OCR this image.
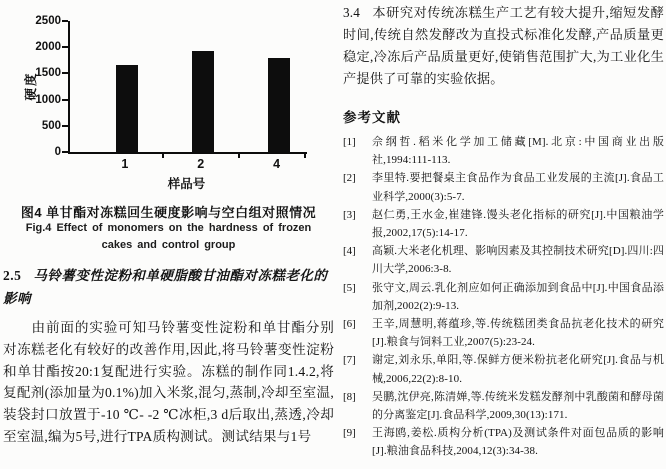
硬度
样品号
0
500
1000
1500
2000
2500
1	2	4
图4 单甘酯对冻糕回生硬度影响与空白组对照情况
Fig.4 Effect of monomers on the hardness of frozen
cakes and control group
2.5 马铃薯变性淀粉和单硬脂酸甘油酯对冻糕老化的影响
由前面的实验可知马铃薯变性淀粉和单甘酯分别对冻糕老化有较好的改善作用,因此,将马铃薯变性淀粉和单甘酯按20:1复配进行实验。冻糕的制作同1.4.2,将复配剂(添加量为0.1%)加入米浆,混匀,蒸制,冷却至室温,装袋封口放置于-10 ℃- -2 ℃冰柜,3 d后取出,蒸透,冷却至室温,编为5号,进行TPA质构测试。测试结果与1号
3.4 本研究对传统冻糕生产工艺有较大提升,缩短发酵时间,传统自然发酵改为直投式标准化发酵,产品质量更稳定,冷冻后产品质量更好,使销售范围扩大,为工业化生产提供了可靠的实验依据。
参考文献
[1]	佘纲哲.稻米化学加工储藏[M].北京:中国商业出版社,1994:111-113.
[2]	李里特.要把餐桌主食品作为食品工业发展的主流[J].食品工业科学,2000(3):5-7.
[3]	赵仁勇,王水金,崔建锋.馒头老化指标的研究[J].中国粮油学报,2002,17(5):14-17.
[4]	高颖.大米老化机理、影响因素及其控制技术研究[D].四川:四川大学,2006:3-8.
[5]	张守文,周云.乳化剂应如何正确添加到食品中[J].中国食品添加剂,2002(2):9-13.
[6]	王辛,周慧明,蒋蕴珍,等.传统糕团类食品抗老化技术的研究[J].粮食与饲料工业,2007(5):23-24.
[7]	谢定,刘永乐,单阳,等.保鲜方便米粉抗老化研究[J].食品与机械,2006,22(2):8-10.
[8]	吴鹏,沈伊亮,陈清婵,等.传统米发糕发酵剂中乳酸菌和酵母菌的分离鉴定[J].食品科学,2009,30(13):171.
[9]	王海鸥,姜松.质构分析(TPA)及测试条件对面包品质的影响[J].粮油食品科技,2004,12(3):34-38.
